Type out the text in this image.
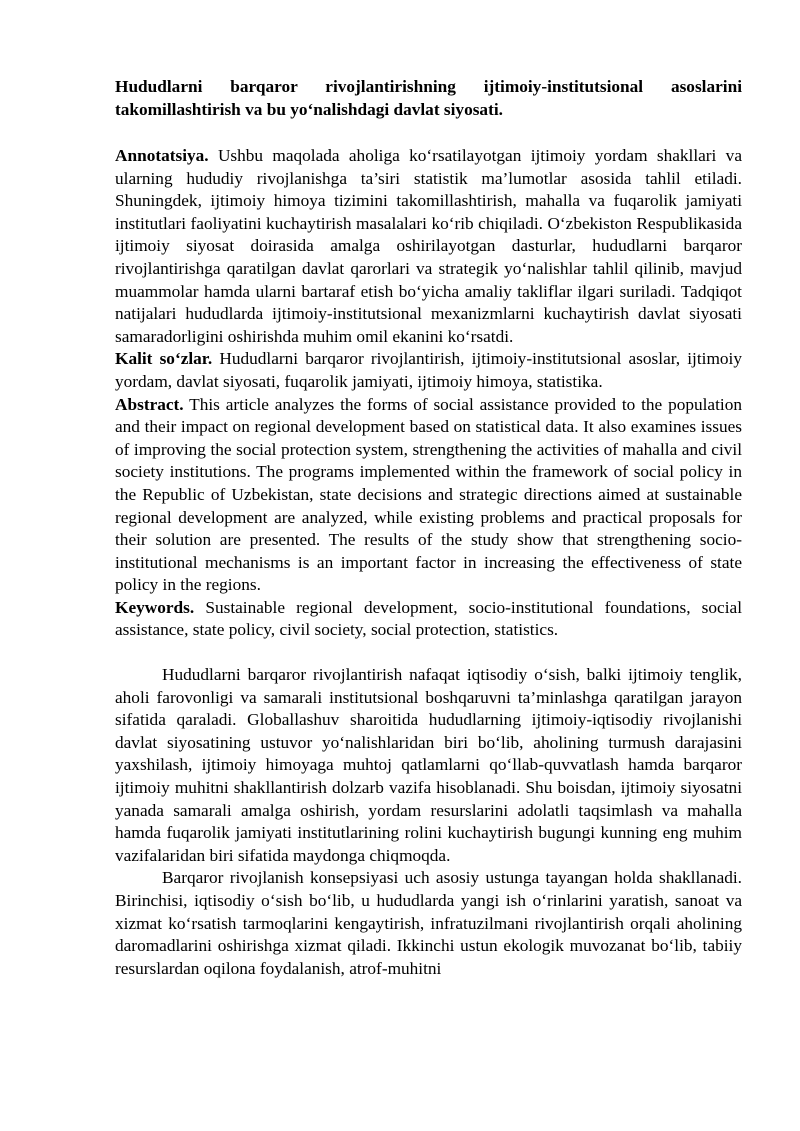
Hududlarni barqaror rivojlantirishning ijtimoiy-institutsional asoslarini takomillashtirish va bu yo‘nalishdagi davlat siyosati.

Annotatsiya. Ushbu maqolada aholiga ko‘rsatilayotgan ijtimoiy yordam shakllari va ularning hududiy rivojlanishga ta’siri statistik ma’lumotlar asosida tahlil etiladi. Shuningdek, ijtimoiy himoya tizimini takomillashtirish, mahalla va fuqarolik jamiyati institutlari faoliyatini kuchaytirish masalalari ko‘rib chiqiladi. O‘zbekiston Respublikasida ijtimoiy siyosat doirasida amalga oshirilayotgan dasturlar, hududlarni barqaror rivojlantirishga qaratilgan davlat qarorlari va strategik yo‘nalishlar tahlil qilinib, mavjud muammolar hamda ularni bartaraf etish bo‘yicha amaliy takliflar ilgari suriladi. Tadqiqot natijalari hududlarda ijtimoiy-institutsional mexanizmlarni kuchaytirish davlat siyosati samaradorligini oshirishda muhim omil ekanini ko‘rsatdi.

Kalit so‘zlar. Hududlarni barqaror rivojlantirish, ijtimoiy-institutsional asoslar, ijtimoiy yordam, davlat siyosati, fuqarolik jamiyati, ijtimoiy himoya, statistika.

Abstract. This article analyzes the forms of social assistance provided to the population and their impact on regional development based on statistical data. It also examines issues of improving the social protection system, strengthening the activities of mahalla and civil society institutions. The programs implemented within the framework of social policy in the Republic of Uzbekistan, state decisions and strategic directions aimed at sustainable regional development are analyzed, while existing problems and practical proposals for their solution are presented. The results of the study show that strengthening socio-institutional mechanisms is an important factor in increasing the effectiveness of state policy in the regions.

Keywords. Sustainable regional development, socio-institutional foundations, social assistance, state policy, civil society, social protection, statistics.

Hududlarni barqaror rivojlantirish nafaqat iqtisodiy o‘sish, balki ijtimoiy tenglik, aholi farovonligi va samarali institutsional boshqaruvni ta’minlashga qaratilgan jarayon sifatida qaraladi. Globallashuv sharoitida hududlarning ijtimoiy-iqtisodiy rivojlanishi davlat siyosatining ustuvor yo‘nalishlaridan biri bo‘lib, aholining turmush darajasini yaxshilash, ijtimoiy himoyaga muhtoj qatlamlarni qo‘llab-quvvatlash hamda barqaror ijtimoiy muhitni shakllantirish dolzarb vazifa hisoblanadi. Shu boisdan, ijtimoiy siyosatni yanada samarali amalga oshirish, yordam resurslarini adolatli taqsimlash va mahalla hamda fuqarolik jamiyati institutlarining rolini kuchaytirish bugungi kunning eng muhim vazifalaridan biri sifatida maydonga chiqmoqda.

Barqaror rivojlanish konsepsiyasi uch asosiy ustunga tayangan holda shakllanadi. Birinchisi, iqtisodiy o‘sish bo‘lib, u hududlarda yangi ish o‘rinlarini yaratish, sanoat va xizmat ko‘rsatish tarmoqlarini kengaytirish, infratuzilmani rivojlantirish orqali aholining daromadlarini oshirishga xizmat qiladi. Ikkinchi ustun ekologik muvozanat bo‘lib, tabiiy resurslardan oqilona foydalanish, atrof-muhitni
